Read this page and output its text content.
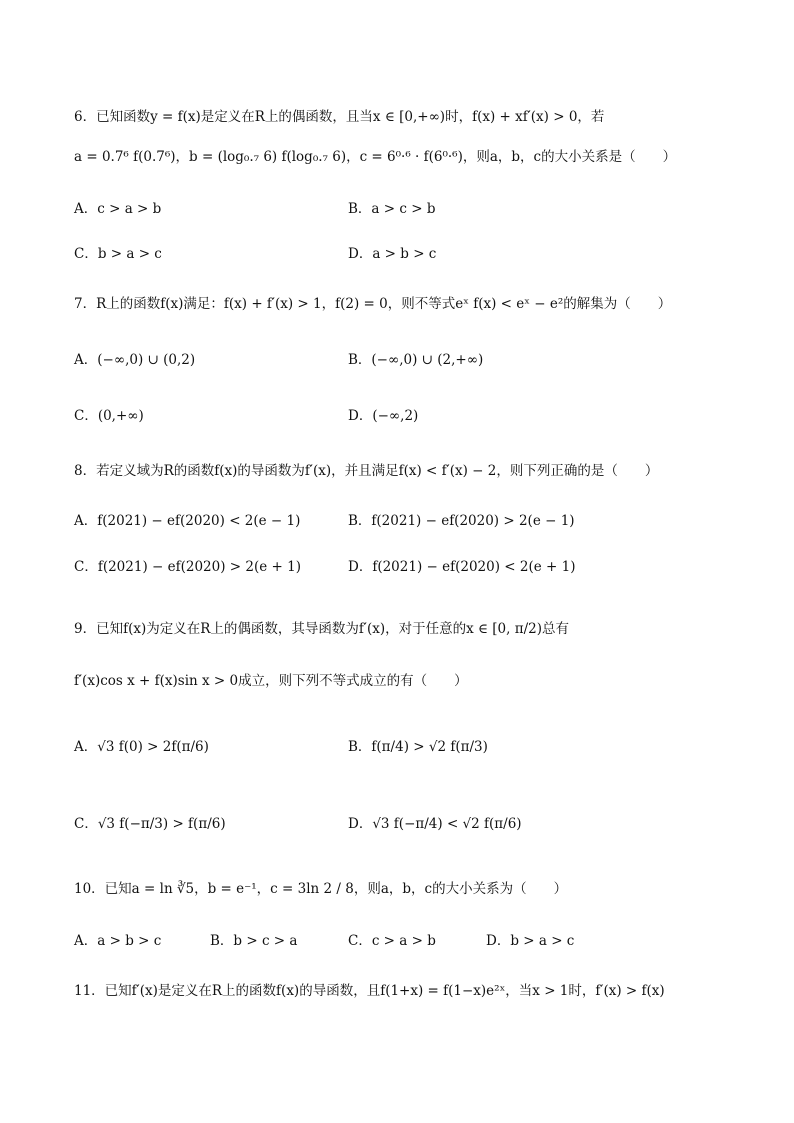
6．已知函数y = f(x)是定义在R上的偶函数，且当x ∈ [0,+∞)时，f(x) + xf′(x) > 0，若
a = 0.7⁶ f(0.7⁶)，b = (log₀.₇ 6) f(log₀.₇ 6)，c = 6⁰·⁶ · f(6⁰·⁶)，则a，b，c的大小关系是（　　）
A．c > a > b	B．a > c > b
C．b > a > c	D．a > b > c
7．R上的函数f(x)满足：f(x) + f′(x) > 1，f(2) = 0，则不等式eˣ f(x) < eˣ − e²的解集为（　　）
A．(−∞,0) ∪ (0,2)	B．(−∞,0) ∪ (2,+∞)
C．(0,+∞)	D．(−∞,2)
8．若定义域为R的函数f(x)的导函数为f′(x)，并且满足f(x) < f′(x) − 2，则下列正确的是（　　）
A．f(2021) − ef(2020) < 2(e − 1)	B．f(2021) − ef(2020) > 2(e − 1)
C．f(2021) − ef(2020) > 2(e + 1)	D．f(2021) − ef(2020) < 2(e + 1)
9．已知f(x)为定义在R上的偶函数，其导函数为f′(x)，对于任意的x ∈ [0, π/2)总有
f′(x)cos x + f(x)sin x > 0成立，则下列不等式成立的有（　　）
A．√3 f(0) > 2f(π/6)	B．f(π/4) > √2 f(π/3)
C．√3 f(−π/3) > f(π/6)	D．√3 f(−π/4) < √2 f(π/6)
10．已知a = ln ∛5，b = e⁻¹，c = 3ln 2 / 8，则a，b，c的大小关系为（　　）
A．a > b > c	B．b > c > a	C．c > a > b	D．b > a > c
11．已知f′(x)是定义在R上的函数f(x)的导函数，且f(1+x) = f(1−x)e²ˣ，当x > 1时，f′(x) > f(x)
